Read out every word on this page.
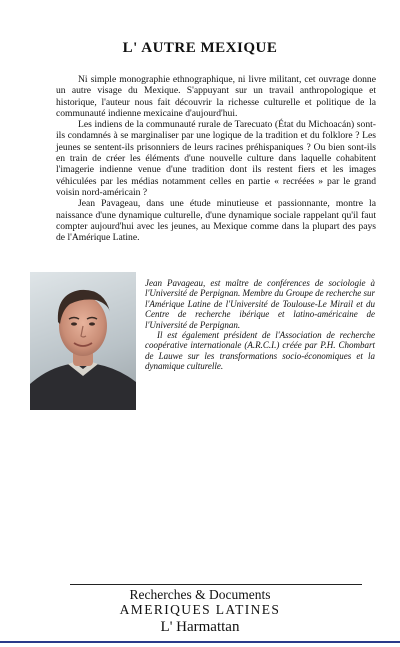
L' AUTRE MEXIQUE

Ni simple monographie ethnographique, ni livre militant, cet ouvrage donne un autre visage du Mexique. S'appuyant sur un travail anthropologique et historique, l'auteur nous fait découvrir la richesse culturelle et politique de la communauté indienne mexicaine d'aujourd'hui.

Les indiens de la communauté rurale de Tarecuato (État du Michoacán) sont-ils condamnés à se marginaliser par une logique de la tradition et du folklore ? Les jeunes se sentent-ils prisonniers de leurs racines préhispaniques ? Ou bien sont-ils en train de créer les éléments d'une nouvelle culture dans laquelle cohabitent l'imagerie indienne venue d'une tradition dont ils restent fiers et les images véhiculées par les médias notamment celles en partie « recréées » par le grand voisin nord-américain ?

Jean Pavageau, dans une étude minutieuse et passionnante, montre la naissance d'une dynamique culturelle, d'une dynamique sociale rappelant qu'il faut compter aujourd'hui avec les jeunes, au Mexique comme dans la plupart des pays de l'Amérique Latine.

Jean Pavageau, est maître de conférences de sociologie à l'Université de Perpignan. Membre du Groupe de recherche sur l'Amérique Latine de l'Université de Toulouse-Le Mirail et du Centre de recherche ibérique et latino-américaine de l'Université de Perpignan.

Il est également président de l'Association de recherche coopérative internationale (A.R.C.I.) créée par P.H. Chombart de Lauwe sur les transformations socio-économiques et la dynamique culturelle.

Recherches & Documents
AMERIQUES LATINES
L' Harmattan
